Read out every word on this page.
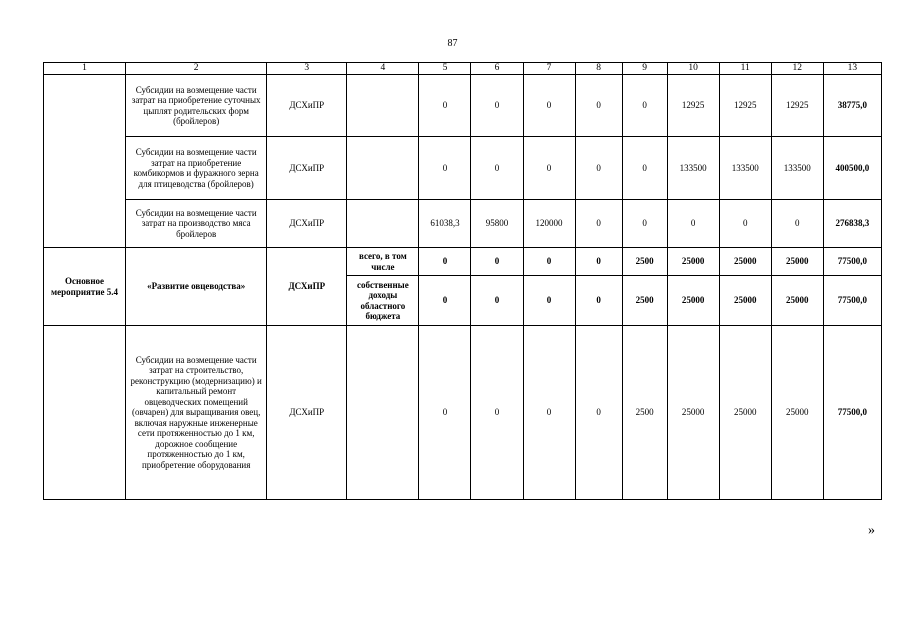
87
1	2	3	4	5	6	7	8	9	10	11	12	13
	Субсидии на возмещение части затрат на приобретение суточных цыплят родительских форм (бройлеров)	ДСХиПР		0	0	0	0	0	12925	12925	12925	38775,0
	Субсидии на возмещение части затрат на приобретение комбикормов и фуражного зерна для птицеводства (бройлеров)	ДСХиПР		0	0	0	0	0	133500	133500	133500	400500,0
	Субсидии на возмещение части затрат на производство мяса бройлеров	ДСХиПР		61038,3	95800	120000	0	0	0	0	0	276838,3
Основное мероприятие 5.4	«Развитие овцеводства»	ДСХиПР	всего, в том числе	0	0	0	0	2500	25000	25000	25000	77500,0
			собственные доходы областного бюджета	0	0	0	0	2500	25000	25000	25000	77500,0
	Субсидии на возмещение части затрат на строительство, реконструкцию (модернизацию) и капитальный ремонт овцеводческих помещений (овчарен) для выращивания овец, включая наружные инженерные сети протяженностью до 1 км, дорожное сообщение протяженностью до 1 км, приобретение оборудования	ДСХиПР		0	0	0	0	2500	25000	25000	25000	77500,0
»
